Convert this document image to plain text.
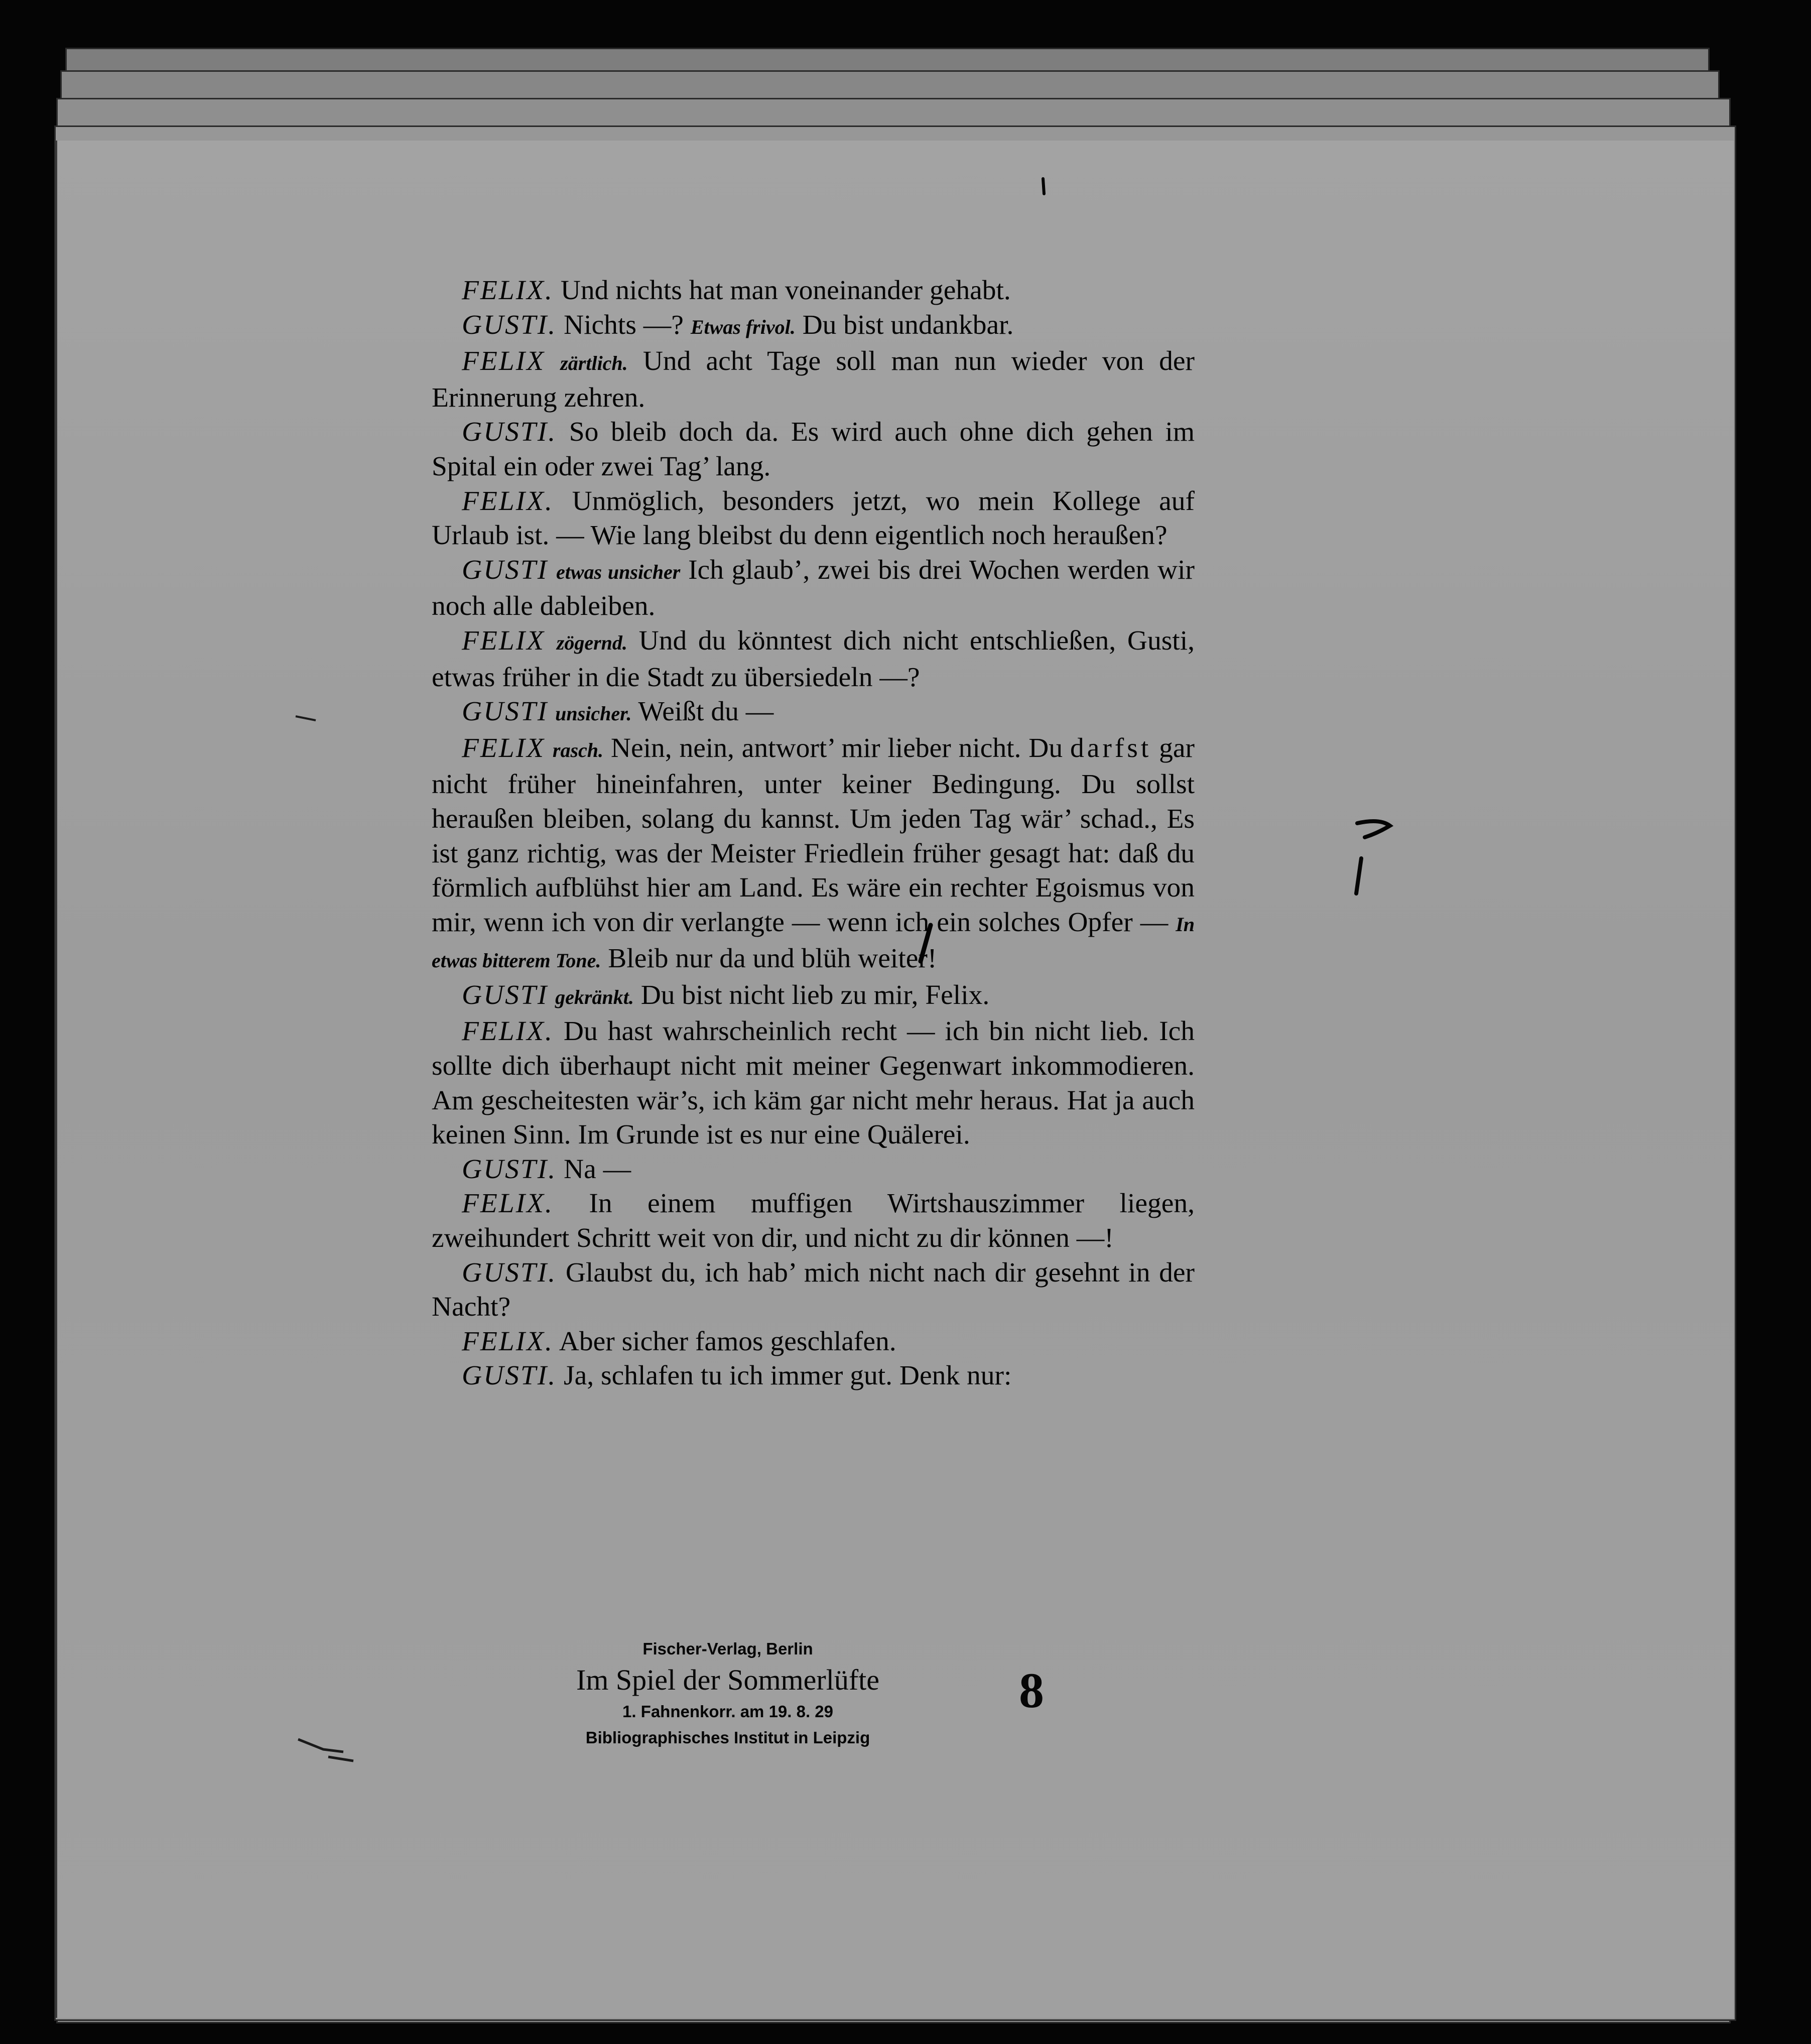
FELIX. Und nichts hat man voneinander gehabt.

GUSTI. Nichts —? Etwas frivol. Du bist undankbar.

FELIX zärtlich. Und acht Tage soll man nun wieder von der Erinnerung zehren.

GUSTI. So bleib doch da. Es wird auch ohne dich gehen im Spital ein oder zwei Tag’ lang.

FELIX. Unmöglich, besonders jetzt, wo mein Kollege auf Urlaub ist. — Wie lang bleibst du denn eigentlich noch heraußen?

GUSTI etwas unsicher Ich glaub’, zwei bis drei Wochen werden wir noch alle dableiben.

FELIX zögernd. Und du könntest dich nicht entschließen, Gusti, etwas früher in die Stadt zu übersiedeln —?

GUSTI unsicher. Weißt du —

FELIX rasch. Nein, nein, antwort’ mir lieber nicht. Du darfst gar nicht früher hineinfahren, unter keiner Bedingung. Du sollst heraußen bleiben, solang du kannst. Um jeden Tag wär’ schad., Es ist ganz richtig, was der Meister Friedlein früher gesagt hat: daß du förmlich aufblühst hier am Land. Es wäre ein rechter Egoismus von mir, wenn ich von dir verlangte — wenn ich ein solches Opfer — In etwas bitterem Tone. Bleib nur da und blüh weiter!

GUSTI gekränkt. Du bist nicht lieb zu mir, Felix.

FELIX. Du hast wahrscheinlich recht — ich bin nicht lieb. Ich sollte dich überhaupt nicht mit meiner Gegenwart inkommodieren. Am gescheitesten wär’s, ich käm gar nicht mehr heraus. Hat ja auch keinen Sinn. Im Grunde ist es nur eine Quälerei.

GUSTI. Na —

FELIX. In einem muffigen Wirtshauszimmer liegen, zweihundert Schritt weit von dir, und nicht zu dir können —!

GUSTI. Glaubst du, ich hab’ mich nicht nach dir gesehnt in der Nacht?

FELIX. Aber sicher famos geschlafen.

GUSTI. Ja, schlafen tu ich immer gut. Denk nur:

Fischer-Verlag, Berlin
Im Spiel der Sommerlüfte
1. Fahnenkorr. am 19. 8. 29
Bibliographisches Institut in Leipzig
8
